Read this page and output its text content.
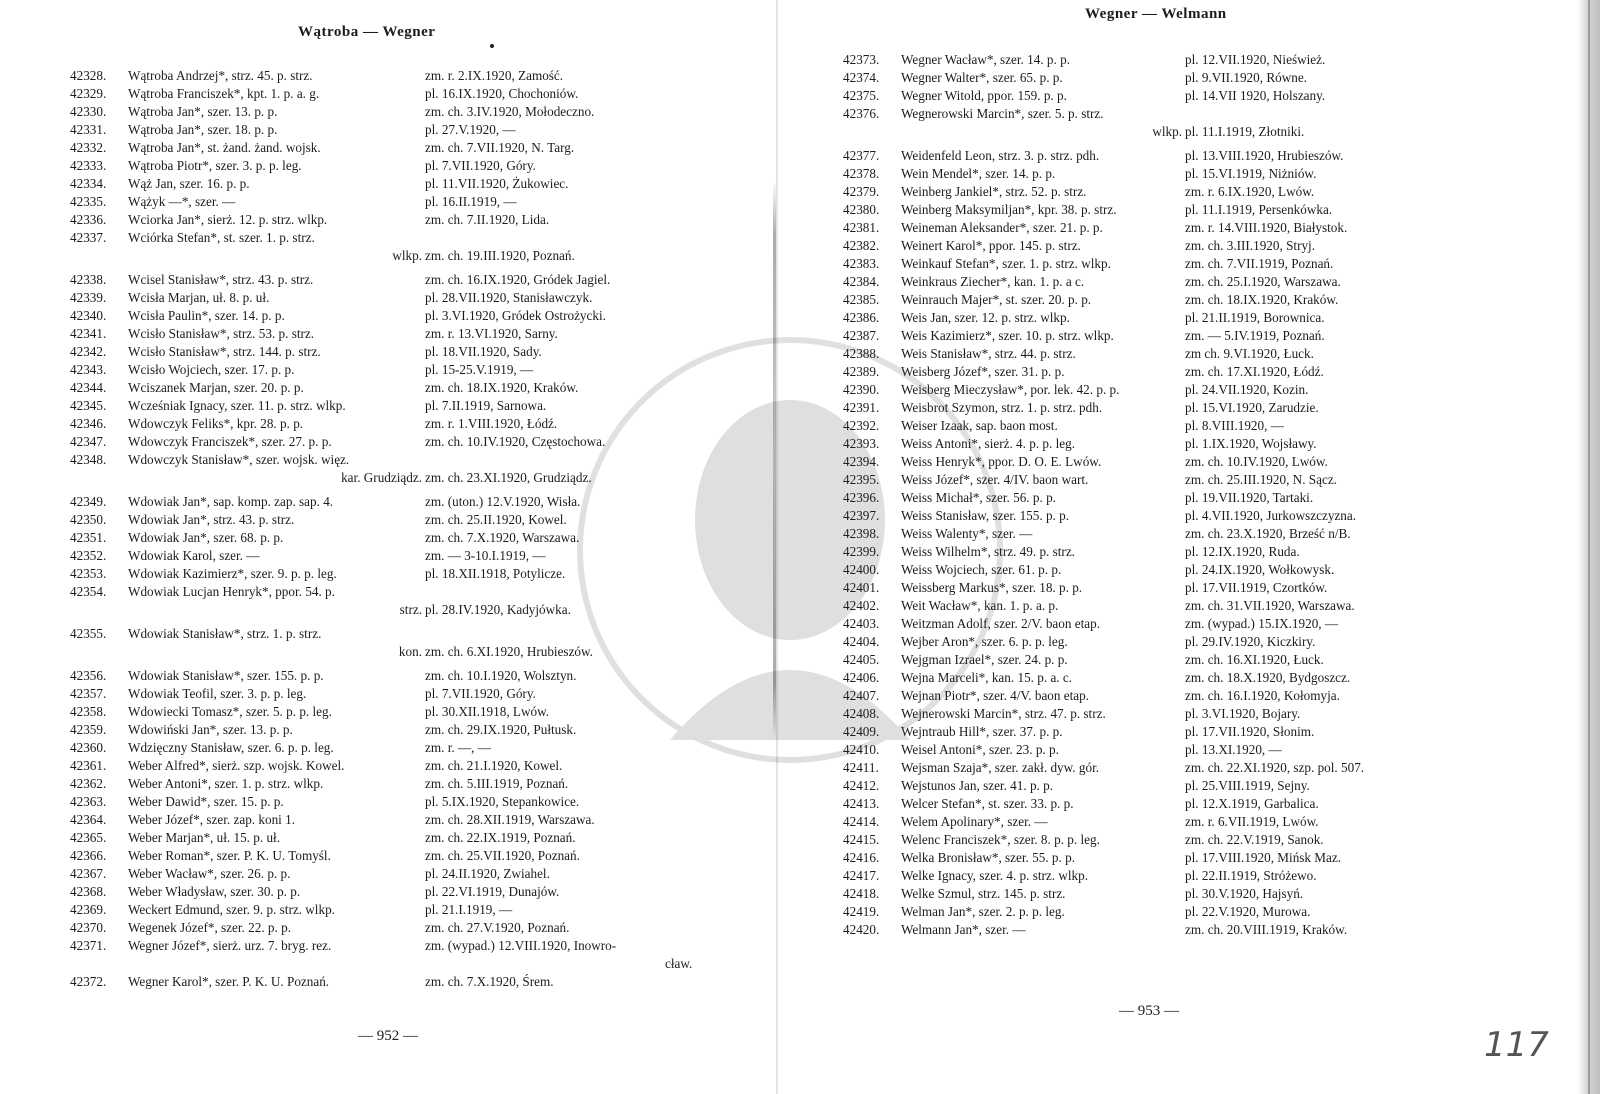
Wątroba — Wegner
42328. Wątroba Andrzej*, strz. 45. p. strz.	zm. r. 2.IX.1920, Zamość.
42329. Wątroba Franciszek*, kpt. 1. p. a. g.	pl. 16.IX.1920, Chochoniów.
42330. Wątroba Jan*, szer. 13. p. p.	zm. ch. 3.IV.1920, Mołodeczno.
42331. Wątroba Jan*, szer. 18. p. p.	pl. 27.V.1920, —
42332. Wątroba Jan*, st. żand. żand. wojsk.	zm. ch. 7.VII.1920, N. Targ.
42333. Wątroba Piotr*, szer. 3. p. p. leg.	pl. 7.VII.1920, Góry.
42334. Wąż Jan, szer. 16. p. p.	pl. 11.VII.1920, Żukowiec.
42335. Wążyk —*, szer. —	pl. 16.II.1919, —
42336. Wciorka Jan*, sierż. 12. p. strz. wlkp.	zm. ch. 7.II.1920, Lida.
42337. Wciórka Stefan*, st. szer. 1. p. strz.
wlkp. zm. ch. 19.III.1920, Poznań.
42338. Wcisel Stanisław*, strz. 43. p. strz.	zm. ch. 16.IX.1920, Gródek Jagiel.
42339. Wcisła Marjan, uł. 8. p. uł.	pl. 28.VII.1920, Stanisławczyk.
42340. Wcisła Paulin*, szer. 14. p. p.	pl. 3.VI.1920, Gródek Ostrożycki.
42341. Wcisło Stanisław*, strz. 53. p. strz.	zm. r. 13.VI.1920, Sarny.
42342. Wcisło Stanisław*, strz. 144. p. strz.	pl. 18.VII.1920, Sady.
42343. Wcisło Wojciech, szer. 17. p. p.	pl. 15-25.V.1919, —
42344. Wciszanek Marjan, szer. 20. p. p.	zm. ch. 18.IX.1920, Kraków.
42345. Wcześniak Ignacy, szer. 11. p. strz. wlkp.	pl. 7.II.1919, Sarnowa.
42346. Wdowczyk Feliks*, kpr. 28. p. p.	zm. r. 1.VIII.1920, Łódź.
42347. Wdowczyk Franciszek*, szer. 27. p. p.	zm. ch. 10.IV.1920, Częstochowa.
42348. Wdowczyk Stanisław*, szer. wojsk. więz.
kar. Grudziądz. zm. ch. 23.XI.1920, Grudziądz.
42349. Wdowiak Jan*, sap. komp. zap. sap. 4.	zm. (uton.) 12.V.1920, Wisła.
42350. Wdowiak Jan*, strz. 43. p. strz.	zm. ch. 25.II.1920, Kowel.
42351. Wdowiak Jan*, szer. 68. p. p.	zm. ch. 7.X.1920, Warszawa.
42352. Wdowiak Karol, szer. —	zm. — 3-10.I.1919, —
42353. Wdowiak Kazimierz*, szer. 9. p. p. leg.	pl. 18.XII.1918, Potylicze.
42354. Wdowiak Lucjan Henryk*, ppor. 54. p.
strz. pl. 28.IV.1920, Kadyjówka.
42355. Wdowiak Stanisław*, strz. 1. p. strz.
kon. zm. ch. 6.XI.1920, Hrubieszów.
42356. Wdowiak Stanisław*, szer. 155. p. p.	zm. ch. 10.I.1920, Wolsztyn.
42357. Wdowiak Teofil, szer. 3. p. p. leg.	pl. 7.VII.1920, Góry.
42358. Wdowiecki Tomasz*, szer. 5. p. p. leg.	pl. 30.XII.1918, Lwów.
42359. Wdowiński Jan*, szer. 13. p. p.	zm. ch. 29.IX.1920, Pułtusk.
42360. Wdzięczny Stanisław, szer. 6. p. p. leg.	zm. r. —, —
42361. Weber Alfred*, sierż. szp. wojsk. Kowel.	zm. ch. 21.I.1920, Kowel.
42362. Weber Antoni*, szer. 1. p. strz. wlkp.	zm. ch. 5.III.1919, Poznań.
42363. Weber Dawid*, szer. 15. p. p.	pl. 5.IX.1920, Stepankowice.
42364. Weber Józef*, szer. zap. koni 1.	zm. ch. 28.XII.1919, Warszawa.
42365. Weber Marjan*, uł. 15. p. uł.	zm. ch. 22.IX.1919, Poznań.
42366. Weber Roman*, szer. P. K. U. Tomyśl.	zm. ch. 25.VII.1920, Poznań.
42367. Weber Wacław*, szer. 26. p. p.	pl. 24.II.1920, Zwiahel.
42368. Weber Władysław, szer. 30. p. p.	pl. 22.VI.1919, Dunajów.
42369. Weckert Edmund, szer. 9. p. strz. wlkp.	pl. 21.I.1919, —
42370. Wegenek Józef*, szer. 22. p. p.	zm. ch. 27.V.1920, Poznań.
42371. Wegner Józef*, sierż. urz. 7. bryg. rez.	zm. (wypad.) 12.VIII.1920, Inowro-
cław.
42372. Wegner Karol*, szer. P. K. U. Poznań.	zm. ch. 7.X.1920, Śrem.
— 952 —
Wegner — Welmann
42373. Wegner Wacław*, szer. 14. p. p.	pl. 12.VII.1920, Nieśwież.
42374. Wegner Walter*, szer. 65. p. p.	pl. 9.VII.1920, Równe.
42375. Wegner Witold, ppor. 159. p. p.	pl. 14.VII 1920, Holszany.
42376. Wegnerowski Marcin*, szer. 5. p. strz.
wlkp. pl. 11.I.1919, Złotniki.
42377. Weidenfeld Leon, strz. 3. p. strz. pdh.	pl. 13.VIII.1920, Hrubieszów.
42378. Wein Mendel*, szer. 14. p. p.	pl. 15.VI.1919, Niżniów.
42379. Weinberg Jankiel*, strz. 52. p. strz.	zm. r. 6.IX.1920, Lwów.
42380. Weinberg Maksymiljan*, kpr. 38. p. strz.	pl. 11.I.1919, Persenkówka.
42381. Weineman Aleksander*, szer. 21. p. p.	zm. r. 14.VIII.1920, Białystok.
42382. Weinert Karol*, ppor. 145. p. strz.	zm. ch. 3.III.1920, Stryj.
42383. Weinkauf Stefan*, szer. 1. p. strz. wlkp.	zm. ch. 7.VII.1919, Poznań.
42384. Weinkraus Ziecher*, kan. 1. p. a c.	zm. ch. 25.I.1920, Warszawa.
42385. Weinrauch Majer*, st. szer. 20. p. p.	zm. ch. 18.IX.1920, Kraków.
42386. Weis Jan, szer. 12. p. strz. wlkp.	pl. 21.II.1919, Borownica.
42387. Weis Kazimierz*, szer. 10. p. strz. wlkp.	zm. — 5.IV.1919, Poznań.
42388. Weis Stanisław*, strz. 44. p. strz.	zm ch. 9.VI.1920, Łuck.
42389. Weisberg Józef*, szer. 31. p. p.	zm. ch. 17.XI.1920, Łódź.
42390. Weisberg Mieczysław*, por. lek. 42. p. p.	pl. 24.VII.1920, Kozin.
42391. Weisbrot Szymon, strz. 1. p. strz. pdh.	pl. 15.VI.1920, Zarudzie.
42392. Weiser Izaak, sap. baon most.	pl. 8.VIII.1920, —
42393. Weiss Antoni*, sierż. 4. p. p. leg.	pl. 1.IX.1920, Wojsławy.
42394. Weiss Henryk*, ppor. D. O. E. Lwów.	zm. ch. 10.IV.1920, Lwów.
42395. Weiss Józef*, szer. 4/IV. baon wart.	zm. ch. 25.III.1920, N. Sącz.
42396. Weiss Michał*, szer. 56. p. p.	pl. 19.VII.1920, Tartaki.
42397. Weiss Stanisław, szer. 155. p. p.	pl. 4.VII.1920, Jurkowszczyzna.
42398. Weiss Walenty*, szer. —	zm. ch. 23.X.1920, Brześć n/B.
42399. Weiss Wilhelm*, strz. 49. p. strz.	pl. 12.IX.1920, Ruda.
42400. Weiss Wojciech, szer. 61. p. p.	pl. 24.IX.1920, Wołkowysk.
42401. Weissberg Markus*, szer. 18. p. p.	pl. 17.VII.1919, Czortków.
42402. Weit Wacław*, kan. 1. p. a. p.	zm. ch. 31.VII.1920, Warszawa.
42403. Weitzman Adolf, szer. 2/V. baon etap.	zm. (wypad.) 15.IX.1920, —
42404. Wejber Aron*, szer. 6. p. p. leg.	pl. 29.IV.1920, Kiczkiry.
42405. Wejgman Izrael*, szer. 24. p. p.	zm. ch. 16.XI.1920, Łuck.
42406. Wejna Marceli*, kan. 15. p. a. c.	zm. ch. 18.X.1920, Bydgoszcz.
42407. Wejnan Piotr*, szer. 4/V. baon etap.	zm. ch. 16.I.1920, Kołomyja.
42408. Wejnerowski Marcin*, strz. 47. p. strz.	pl. 3.VI.1920, Bojary.
42409. Wejntraub Hill*, szer. 37. p. p.	pl. 17.VII.1920, Słonim.
42410. Weisel Antoni*, szer. 23. p. p.	pl. 13.XI.1920, —
42411. Wejsman Szaja*, szer. zakł. dyw. gór.	zm. ch. 22.XI.1920, szp. pol. 507.
42412. Wejstunos Jan, szer. 41. p. p.	pl. 25.VIII.1919, Sejny.
42413. Welcer Stefan*, st. szer. 33. p. p.	pl. 12.X.1919, Garbalica.
42414. Welem Apolinary*, szer. —	zm. r. 6.VII.1919, Lwów.
42415. Welenc Franciszek*, szer. 8. p. p. leg.	zm. ch. 22.V.1919, Sanok.
42416. Welka Bronisław*, szer. 55. p. p.	pl. 17.VIII.1920, Mińsk Maz.
42417. Welke Ignacy, szer. 4. p. strz. wlkp.	pl. 22.II.1919, Stróżewo.
42418. Welke Szmul, strz. 145. p. strz.	pl. 30.V.1920, Hajsyń.
42419. Welman Jan*, szer. 2. p. p. leg.	pl. 22.V.1920, Murowa.
42420. Welmann Jan*, szer. —	zm. ch. 20.VIII.1919, Kraków.
— 953 —
117
